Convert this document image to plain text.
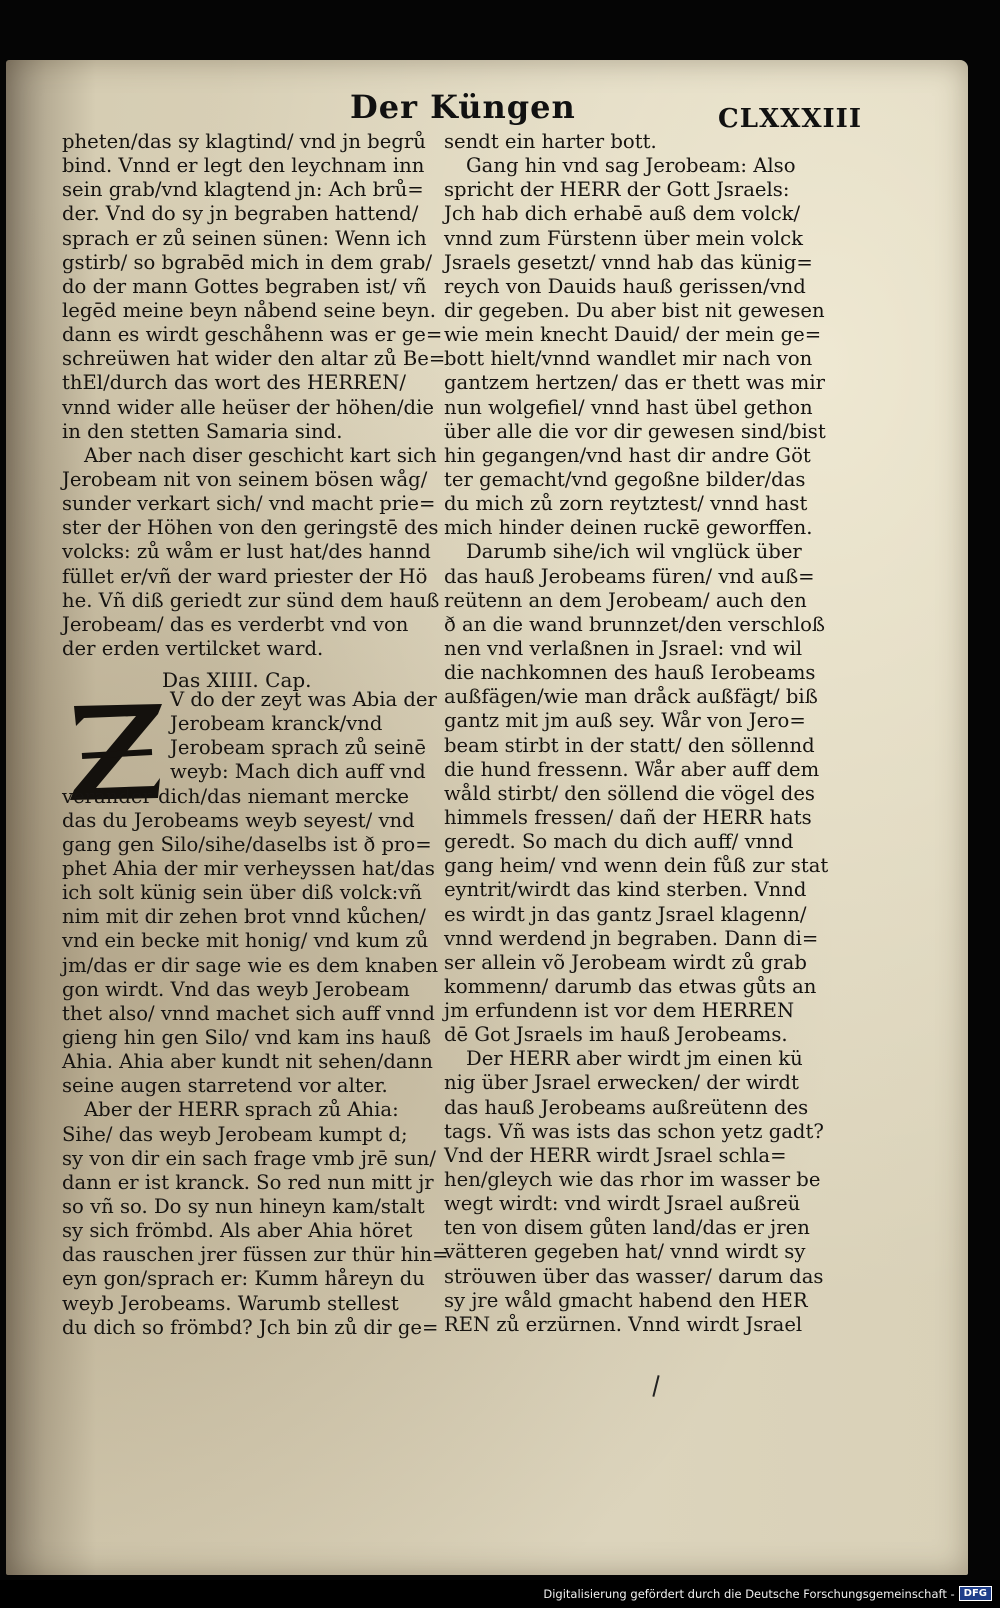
Der Küngen	CLXXXIII
pheten/das sy klagtind/ vnd jn begrů
bind. Vnnd er legt den leychnam inn
sein grab/vnd klagtend jn: Ach brů=
der. Vnd do sy jn begraben hattend/
sprach er zů seinen sünen: Wenn ich
gstirb/ so bgrabēd mich in dem grab/
do der mann Gottes begraben ist/ vñ
legēd meine beyn nåbend seine beyn.
dann es wirdt geschåhenn was er ge=
schreüwen hat wider den altar zů Be=
thEl/durch das wort des HERREN/
vnnd wider alle heüser der höhen/die
in den stetten Samaria sind.
Aber nach diser geschicht kart sich
Jerobeam nit von seinem bösen wåg/
sunder verkart sich/ vnd macht prie=
ster der Höhen von den geringstē des
volcks: zů wåm er lust hat/des hannd
füllet er/vñ der ward priester der Hö
he. Vñ diß geriedt zur sünd dem hauß
Jerobeam/ das es verderbt vnd von
der erden vertilcket ward.
Das XIIII. Cap.
V do der zeyt was Abia der
Jerobeam kranck/vnd
Jerobeam sprach zů seinē
weyb: Mach dich auff vnd
veränder dich/das niemant mercke
das du Jerobeams weyb seyest/ vnd
gang gen Silo/sihe/daselbs ist ð pro=
phet Ahia der mir verheyssen hat/das
ich solt künig sein über diß volck:vñ
nim mit dir zehen brot vnnd kůchen/
vnd ein becke mit honig/ vnd kum zů
jm/das er dir sage wie es dem knaben
gon wirdt. Vnd das weyb Jerobeam
thet also/ vnnd machet sich auff vnnd
gieng hin gen Silo/ vnd kam ins hauß
Ahia. Ahia aber kundt nit sehen/dann
seine augen starretend vor alter.
Aber der HERR sprach zů Ahia:
Sihe/ das weyb Jerobeam kumpt d;
sy von dir ein sach frage vmb jrē sun/
dann er ist kranck. So red nun mitt jr
so vñ so. Do sy nun hineyn kam/stalt
sy sich frömbd. Als aber Ahia höret
das rauschen jrer füssen zur thür hin=
eyn gon/sprach er: Kumm håreyn du
weyb Jerobeams. Warumb stellest
du dich so frömbd? Jch bin zů dir ge=
sendt ein harter bott.
Gang hin vnd sag Jerobeam: Also
spricht der HERR der Gott Jsraels:
Jch hab dich erhabē auß dem volck/
vnnd zum Fürstenn über mein volck
Jsraels gesetzt/ vnnd hab das künig=
reych von Dauids hauß gerissen/vnd
dir gegeben. Du aber bist nit gewesen
wie mein knecht Dauid/ der mein ge=
bott hielt/vnnd wandlet mir nach von
gantzem hertzen/ das er thett was mir
nun wolgefiel/ vnnd hast übel gethon
über alle die vor dir gewesen sind/bist
hin gegangen/vnd hast dir andre Göt
ter gemacht/vnd gegoßne bilder/das
du mich zů zorn reytztest/ vnnd hast
mich hinder deinen ruckē geworffen.
Darumb sihe/ich wil vnglück über
das hauß Jerobeams füren/ vnd auß=
reütenn an dem Jerobeam/ auch den
ð an die wand brunnzet/den verschloß
nen vnd verlaßnen in Jsrael: vnd wil
die nachkomnen des hauß Ierobeams
außfägen/wie man dråck außfägt/ biß
gantz mit jm auß sey. Wår von Jero=
beam stirbt in der statt/ den söllennd
die hund fressenn. Wår aber auff dem
wåld stirbt/ den söllend die vögel des
himmels fressen/ dañ der HERR hats
geredt. So mach du dich auff/ vnnd
gang heim/ vnd wenn dein fůß zur stat
eyntrit/wirdt das kind sterben. Vnnd
es wirdt jn das gantz Jsrael klagenn/
vnnd werdend jn begraben. Dann di=
ser allein võ Jerobeam wirdt zů grab
kommenn/ darumb das etwas gůts an
jm erfundenn ist vor dem HERREN
dē Got Jsraels im hauß Jerobeams.
Der HERR aber wirdt jm einen kü
nig über Jsrael erwecken/ der wirdt
das hauß Jerobeams außreütenn des
tags. Vñ was ists das schon yetz gadt?
Vnd der HERR wirdt Jsrael schla=
hen/gleych wie das rhor im wasser be
wegt wirdt: vnd wirdt Jsrael außreü
ten von disem gůten land/das er jren
vätteren gegeben hat/ vnnd wirdt sy
ströuwen über das wasser/ darum das
sy jre wåld gmacht habend den HER
REN zů erzürnen. Vnnd wirdt Jsrael
Digitalisierung gefördert durch die Deutsche Forschungsgemeinschaft - DFG
